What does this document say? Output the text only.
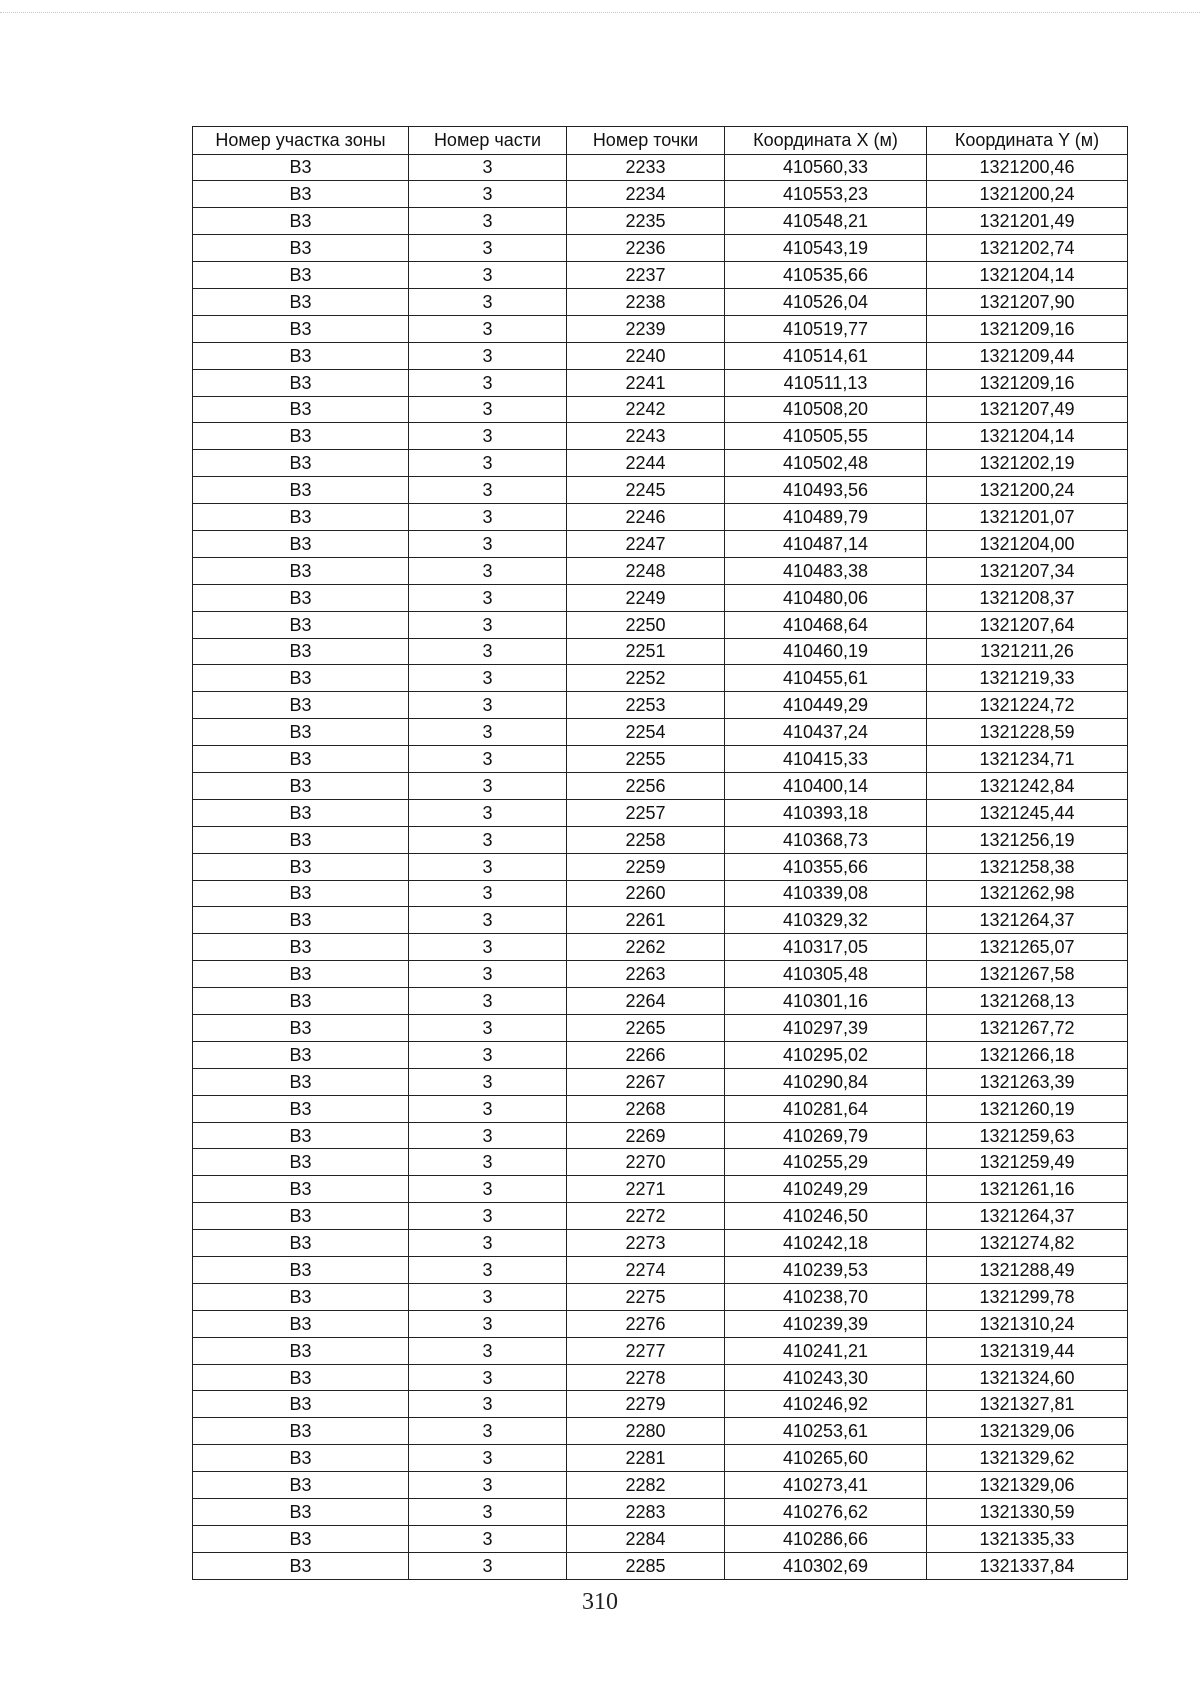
Номер участка зоны	Номер части	Номер точки	Координата X (м)	Координата Y (м)
В3	3	2233	410560,33	1321200,46
В3	3	2234	410553,23	1321200,24
В3	3	2235	410548,21	1321201,49
В3	3	2236	410543,19	1321202,74
В3	3	2237	410535,66	1321204,14
В3	3	2238	410526,04	1321207,90
В3	3	2239	410519,77	1321209,16
В3	3	2240	410514,61	1321209,44
В3	3	2241	410511,13	1321209,16
В3	3	2242	410508,20	1321207,49
В3	3	2243	410505,55	1321204,14
В3	3	2244	410502,48	1321202,19
В3	3	2245	410493,56	1321200,24
В3	3	2246	410489,79	1321201,07
В3	3	2247	410487,14	1321204,00
В3	3	2248	410483,38	1321207,34
В3	3	2249	410480,06	1321208,37
В3	3	2250	410468,64	1321207,64
В3	3	2251	410460,19	1321211,26
В3	3	2252	410455,61	1321219,33
В3	3	2253	410449,29	1321224,72
В3	3	2254	410437,24	1321228,59
В3	3	2255	410415,33	1321234,71
В3	3	2256	410400,14	1321242,84
В3	3	2257	410393,18	1321245,44
В3	3	2258	410368,73	1321256,19
В3	3	2259	410355,66	1321258,38
В3	3	2260	410339,08	1321262,98
В3	3	2261	410329,32	1321264,37
В3	3	2262	410317,05	1321265,07
В3	3	2263	410305,48	1321267,58
В3	3	2264	410301,16	1321268,13
В3	3	2265	410297,39	1321267,72
В3	3	2266	410295,02	1321266,18
В3	3	2267	410290,84	1321263,39
В3	3	2268	410281,64	1321260,19
В3	3	2269	410269,79	1321259,63
В3	3	2270	410255,29	1321259,49
В3	3	2271	410249,29	1321261,16
В3	3	2272	410246,50	1321264,37
В3	3	2273	410242,18	1321274,82
В3	3	2274	410239,53	1321288,49
В3	3	2275	410238,70	1321299,78
В3	3	2276	410239,39	1321310,24
В3	3	2277	410241,21	1321319,44
В3	3	2278	410243,30	1321324,60
В3	3	2279	410246,92	1321327,81
В3	3	2280	410253,61	1321329,06
В3	3	2281	410265,60	1321329,62
В3	3	2282	410273,41	1321329,06
В3	3	2283	410276,62	1321330,59
В3	3	2284	410286,66	1321335,33
В3	3	2285	410302,69	1321337,84
310
